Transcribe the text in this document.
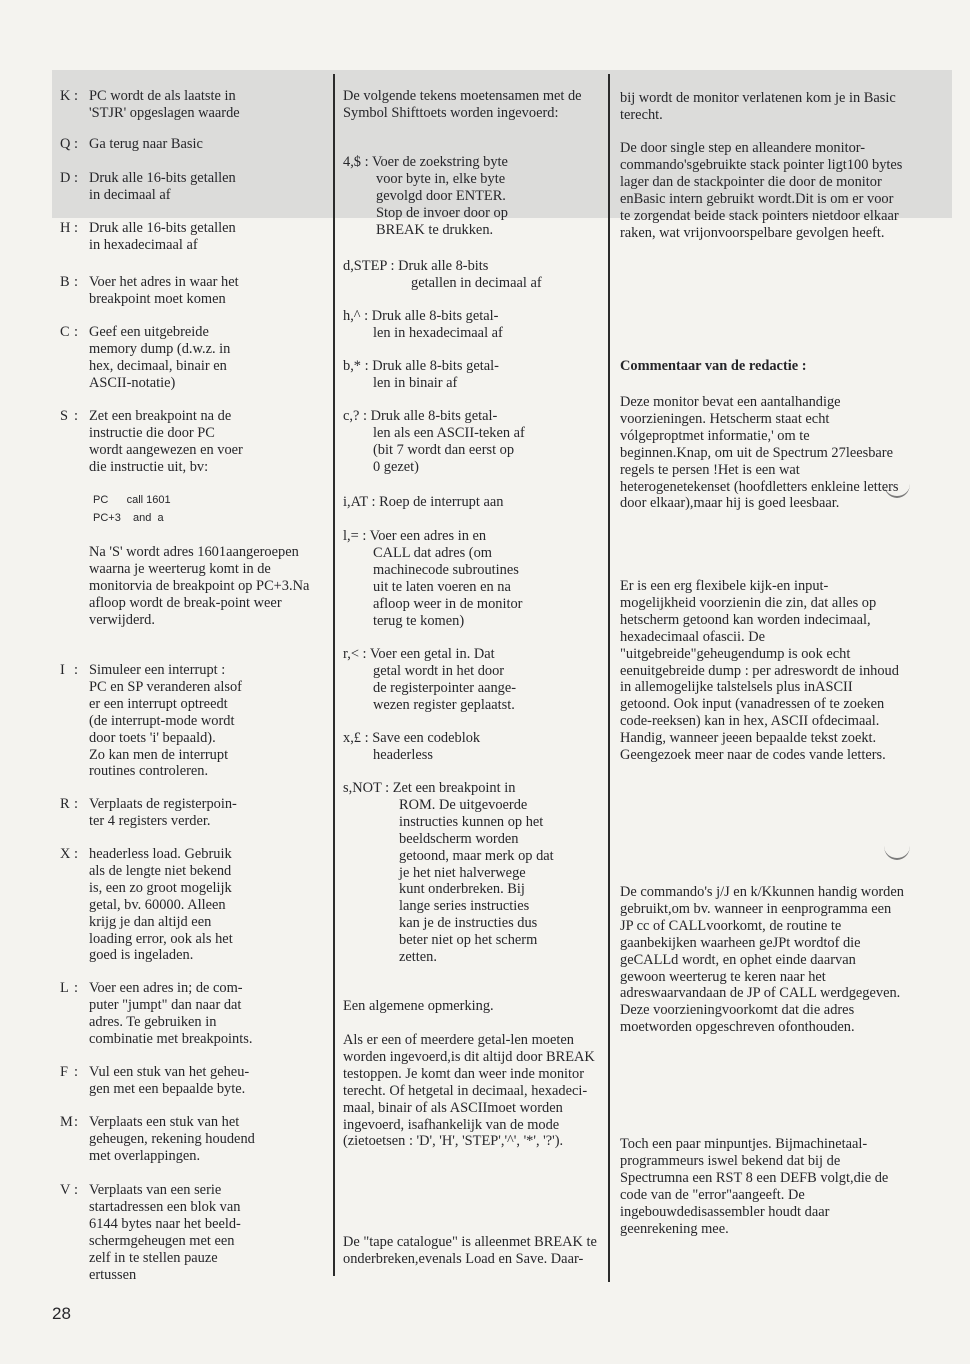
K : PC wordt de als laatste in
'STJR' opgeslagen waarde
Q : Ga terug naar Basic
D : Druk alle 16-bits getallen
in decimaal af
H : Druk alle 16-bits getallen
in hexadecimaal af
B : Voer het adres in waar het
breakpoint moet komen
C : Geef een uitgebreide
memory dump (d.w.z. in
hex, decimaal, binair en
ASCII-notatie)
S : Zet een breakpoint na de
instructie die door PC
wordt aangewezen en voer
die instructie uit, bv:
I : Simuleer een interrupt :
PC en SP veranderen alsof
er een interrupt optreedt
(de interrupt-mode wordt
door toets 'i' bepaald).
Zo kan men de interrupt
routines controleren.
R : Verplaats de registerpoin-
ter 4 registers verder.
X : headerless load. Gebruik
als de lengte niet bekend
is, een zo groot mogelijk
getal, bv. 60000. Alleen
krijg je dan altijd een
loading error, ook als het
goed is ingeladen.
L : Voer een adres in; de com-
puter "jumpt" dan naar dat
adres. Te gebruiken in
combinatie met breakpoints.
F : Vul een stuk van het geheu-
gen met een bepaalde byte.
M : Verplaats een stuk van het
geheugen, rekening houdend
met overlappingen.
V : Verplaats van een serie
startadressen een blok van
6144 bytes naar het beeld-
schermgeheugen met een
zelf in te stellen pauze
ertussen
PC      call 1601
PC+3    and  a
Na 'S' wordt adres 1601aangeroepen waarna je weerterug komt in de monitorvia de breakpoint op PC+3.Na afloop wordt de break-point weer verwijderd.
De volgende tekens moetensamen met de Symbol Shifttoets worden ingevoerd:
4,$ : Voer de zoekstring byte
voor byte in, elke byte
gevolgd door ENTER.
Stop de invoer door op
BREAK te drukken.
d,STEP : Druk alle 8-bits
getallen in decimaal af
h,^ : Druk alle 8-bits getal-
len in hexadecimaal af
b,* : Druk alle 8-bits getal-
len in binair af
c,? : Druk alle 8-bits getal-
len als een ASCII-teken af
(bit 7 wordt dan eerst op
0 gezet)
i,AT : Roep de interrupt aan
l,= : Voer een adres in en
CALL dat adres (om
machinecode subroutines
uit te laten voeren en na
afloop weer in de monitor
terug te komen)
r,< : Voer een getal in. Dat
getal wordt in het door
de registerpointer aange-
wezen register geplaatst.
x,£ : Save een codeblok
headerless
s,NOT : Zet een breakpoint in
ROM. De uitgevoerde
instructies kunnen op het
beeldscherm worden
getoond, maar merk op dat
je het niet halverwege
kunt onderbreken. Bij
lange series instructies
kan je de instructies dus
beter niet op het scherm
zetten.
Een algemene opmerking.
Als er een of meerdere getal-len moeten worden ingevoerd,is dit altijd door BREAK testoppen. Je komt dan weer inde monitor terecht. Of hetgetal in decimaal, hexadeci-maal, binair of als ASCIImoet worden ingevoerd, isafhankelijk van de mode (zietoetsen : 'D', 'H', 'STEP','^', '*', '?').
De "tape catalogue" is alleenmet BREAK te onderbreken,evenals Load en Save. Daar-
bij wordt de monitor verlatenen kom je in Basic terecht.
De door single step en alleandere monitor-commando'sgebruikte stack pointer ligt100 bytes lager dan de stackpointer die door de monitor enBasic intern gebruikt wordt.Dit is om er voor te zorgendat beide stack pointers nietdoor elkaar raken, wat vrijonvoorspelbare gevolgen heeft.
Commentaar van de redactie :
Deze monitor bevat een aantalhandige voorzieningen. Hetscherm staat echt vólgeproptmet informatie,' om te beginnen.Knap, om uit de Spectrum 27leesbare regels te persen !Het is een wat heterogenetekenset (hoofdletters enkleine letters door elkaar),maar hij is goed leesbaar.
Er is een erg flexibele kijk-en input-mogelijkheid voorzienin die zin, dat alles op hetscherm getoond kan worden indecimaal, hexadecimaal ofascii. De "uitgebreide"geheugendump is ook echt eenuitgebreide dump : per adreswordt de inhoud in allemogelijke talstelsels plus inASCII getoond. Ook input (vanadressen of te zoeken code-reeksen) kan in hex, ASCII ofdecimaal. Handig, wanneer jeeen bepaalde tekst zoekt. Geengezoek meer naar de codes vande letters.
De commando's j/J en k/Kkunnen handig worden gebruikt,om bv. wanneer in eenprogramma een JP cc of CALLvoorkomt, de routine te gaanbekijken waarheen geJPt wordtof die geCALLd wordt, en ophet einde daarvan gewoon weerterug te keren naar het adreswaarvandaan de JP of CALL werdgegeven. Deze voorzieningvoorkomt dat die adres moetworden opgeschreven ofonthouden.
Toch een paar minpuntjes. Bijmachinetaal-programmeurs iswel bekend dat bij de Spectrumna een RST 8 een DEFB volgt,die de code van de "error"aangeeft. De ingebouwdedisassembler houdt daar geenrekening mee.
28
